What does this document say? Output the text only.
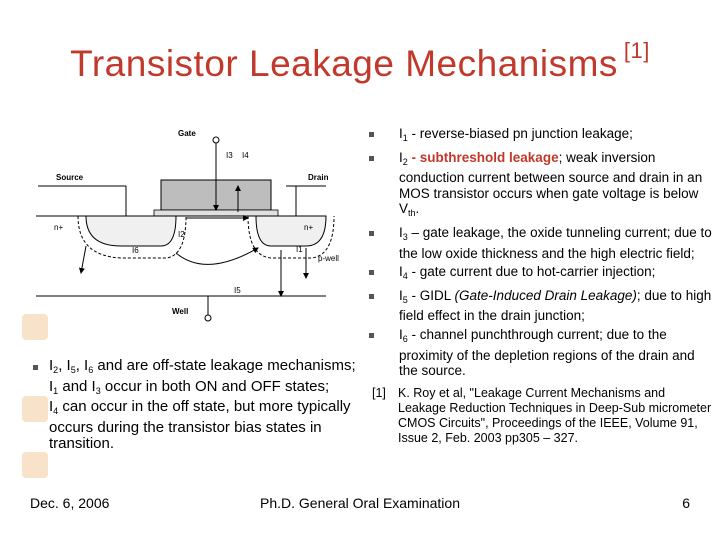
Transistor Leakage Mechanisms [1]
Gate
Source	Drain
n+	n+
p-well
Well
I3 I4
I2
I1
I6
I5
$I_1$ - reverse-biased pn junction leakage;
$I_2$ - subthreshold leakage; weak inversion conduction current between source and drain in an MOS transistor occurs when gate voltage is below $V_{th}$.
$I_3$ – gate leakage, the oxide tunneling current; due to the low oxide thickness and the high electric field;
$I_4$ - gate current due to hot-carrier injection;
$I_5$ - GIDL (Gate-Induced Drain Leakage); due to high field effect in the drain junction;
$I_6$ - channel punchthrough current; due to the proximity of the depletion regions of the drain and the source.

$I_2$, $I_5$, $I_6$ and are off-state leakage mechanisms;

$I_1$ and $I_3$ occur in both ON and OFF states;

$I_4$ can occur in the off state, but more typically occurs during the transistor bias states in transition.

[1] K. Roy et al, "Leakage Current Mechanisms and Leakage Reduction Techniques in Deep-Sub micrometer CMOS Circuits", Proceedings of the IEEE, Volume 91, Issue 2, Feb. 2003 pp305 – 327.
Dec. 6, 2006	Ph.D. General Oral Examination	6
